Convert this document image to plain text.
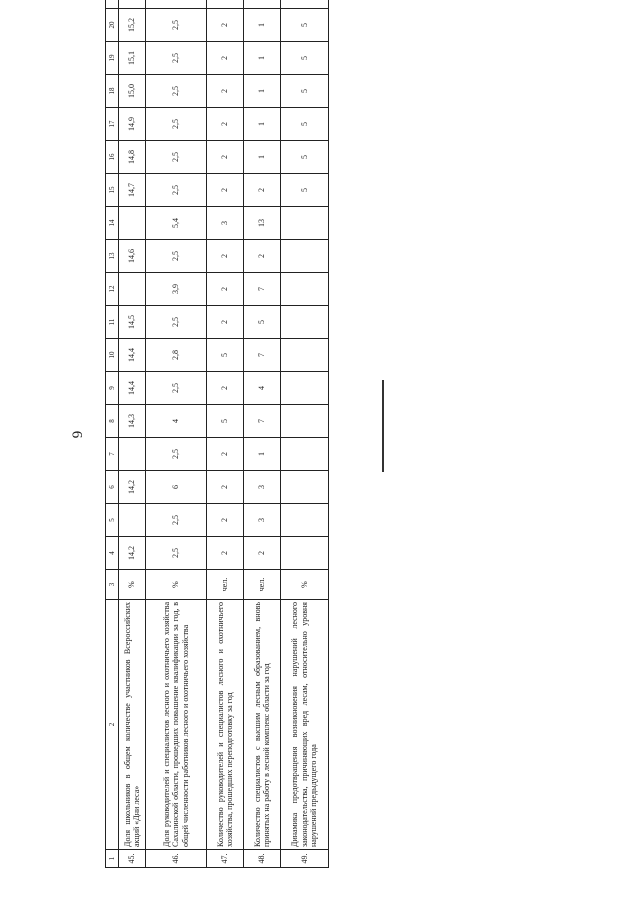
6
1	2	3	4	5	6	7	8	9	10	11	12	13	14	15	16	17	18	19	20	
45.	Доля школьников в общем количестве участников Всероссийских акций «Дни леса»	%	14,2		14,2		14,3	14,4	14,4	14,5		14,6		14,7	14,8	14,9	15,0	15,1	15,2	
46.	Доля руководителей и специалистов лесного и охотничьего хозяйства Сахалинской области, прошедших повышение квалификации за год, в общей численности работников лесного и охотничьего хозяйства	%	2,5	2,5	6	2,5	4	2,5	2,8	2,5	3,9	2,5	5,4	2,5	2,5	2,5	2,5	2,5	2,5	
47.	Количество руководителей и специалистов лесного и охотничьего хозяйства, прошедших переподготовку за год	чел.	2	2	2	2	5	2	5	2	2	2	3	2	2	2	2	2	2	
48.	Количество специалистов с высшим лесным образованием, вновь принятых на работу в лесной комплекс области за год	чел.	2	3	3	1	7	4	7	5	7	2	13	2	1	1	1	1	1	
49.	Динамика предотвращения возникновения нарушений лесного законодательства, причиняющих вред лесам, относительно уровня нарушений предыдущего года	%												5	5	5	5	5	5	
